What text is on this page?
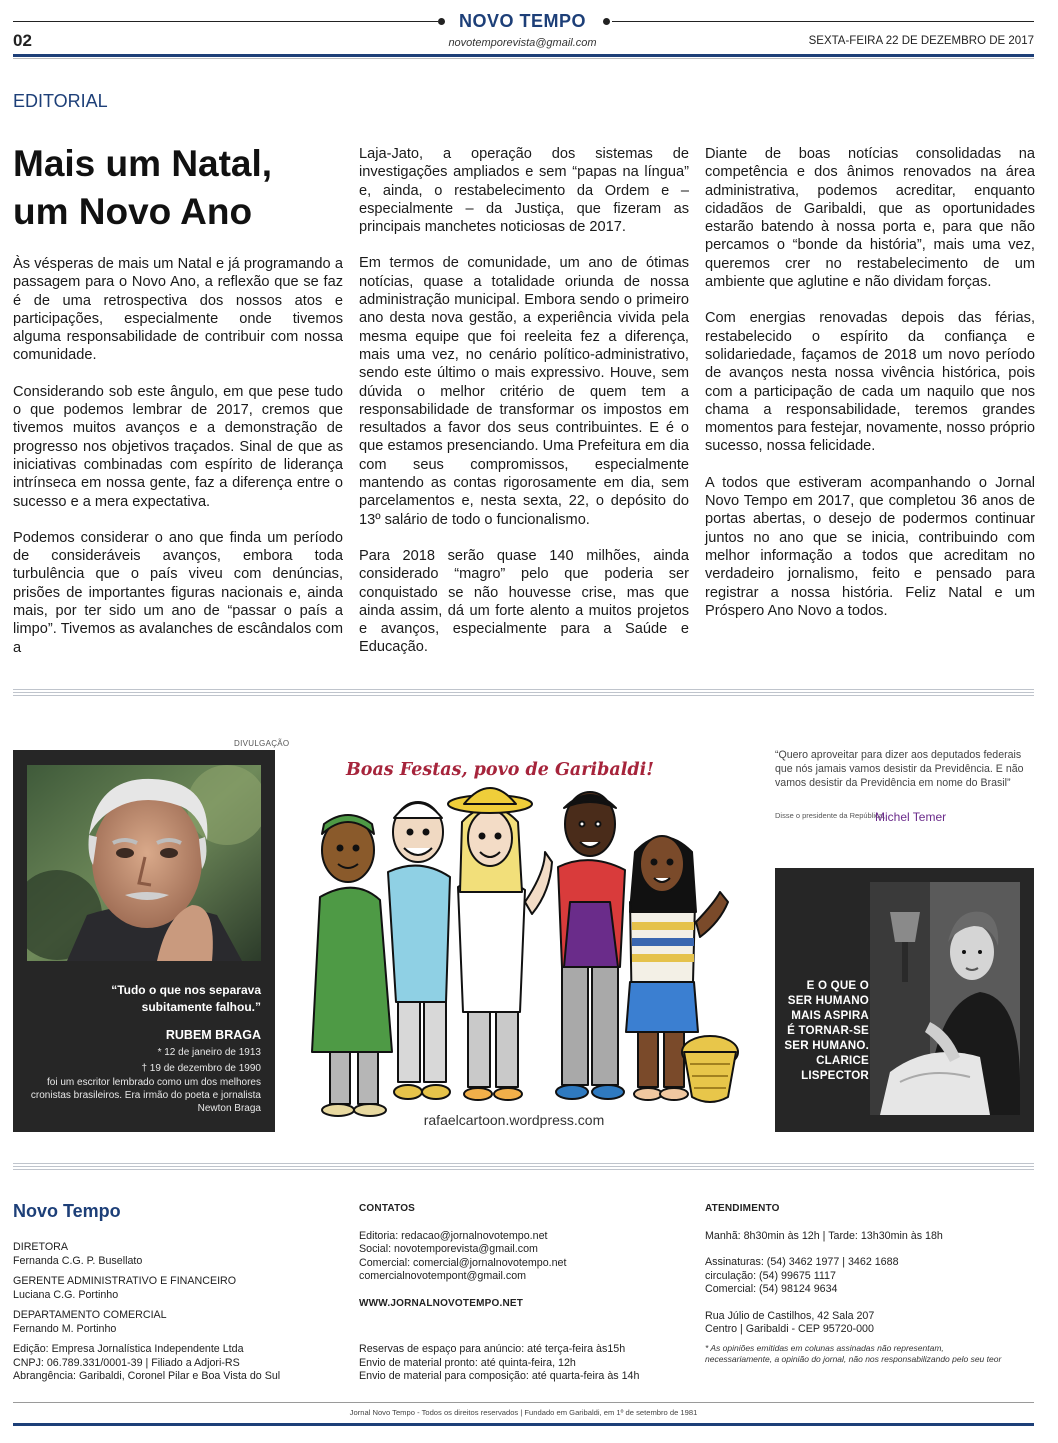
NOVO TEMPO
novotemporevista@gmail.com
02	SEXTA-FEIRA 22 DE DEZEMBRO DE 2017
EDITORIAL
Mais um Natal,
um Novo Ano

Às vésperas de mais um Natal e já programando a passagem para o Novo Ano, a reflexão que se faz é de uma retrospectiva dos nossos atos e participações, especialmente onde tivemos alguma responsabilidade de contribuir com nossa comunidade.

Considerando sob este ângulo, em que pese tudo o que podemos lembrar de 2017, cremos que tivemos muitos avanços e a demonstração de progresso nos objetivos traçados. Sinal de que as iniciativas combinadas com espírito de liderança intrínseca em nossa gente, faz a diferença entre o sucesso e a mera expectativa.

Podemos considerar o ano que finda um período de consideráveis avanços, embora toda turbulência que o país viveu com denúncias, prisões de importantes figuras nacionais e, ainda mais, por ter sido um ano de “passar o país a limpo”. Tivemos as avalanches de escândalos com a

Laja-Jato, a operação dos sistemas de investigações ampliados e sem “papas na língua” e, ainda, o restabelecimento da Ordem e – especialmente – da Justiça, que fizeram as principais manchetes noticiosas de 2017.

Em termos de comunidade, um ano de ótimas notícias, quase a totalidade oriunda de nossa administração municipal. Embora sendo o primeiro ano desta nova gestão, a experiência vivida pela mesma equipe que foi reeleita fez a diferença, mais uma vez, no cenário político-administrativo, sendo este último o mais expressivo. Houve, sem dúvida o melhor critério de quem tem a responsabilidade de transformar os impostos em resultados a favor dos seus contribuintes. E é o que estamos presenciando. Uma Prefeitura em dia com seus compromissos, especialmente mantendo as contas rigorosamente em dia, sem parcelamentos e, nesta sexta, 22, o depósito do 13º salário de todo o funcionalismo.

Para 2018 serão quase 140 milhões, ainda considerado “magro” pelo que poderia ser conquistado se não houvesse crise, mas que ainda assim, dá um forte alento a muitos projetos e avanços, especialmente para a Saúde e Educação.

Diante de boas notícias consolidadas na competência e dos ânimos renovados na área administrativa, podemos acreditar, enquanto cidadãos de Garibaldi, que as oportunidades estarão batendo à nossa porta e, para que não percamos o “bonde da história”, mais uma vez, queremos crer no restabelecimento de um ambiente que aglutine e não dividam forças.

Com energias renovadas depois das férias, restabelecido o espírito da confiança e solidariedade, façamos de 2018 um novo período de avanços nesta nossa vivência histórica, pois com a participação de cada um naquilo que nos chama a responsabilidade, teremos grandes momentos para festejar, novamente, nosso próprio sucesso, nossa felicidade.

A todos que estiveram acompanhando o Jornal Novo Tempo em 2017, que completou 36 anos de portas abertas, o desejo de podermos continuar juntos no ano que se inicia, contribuindo com melhor informação a todos que acreditam no verdadeiro jornalismo, feito e pensado para registrar a nossa história. Feliz Natal e um Próspero Ano Novo a todos.

DIVULGAÇÃO
“Tudo o que nos separava
subitamente falhou.”
RUBEM BRAGA
* 12 de janeiro de 1913
† 19 de dezembro de 1990
foi um escritor lembrado como um dos melhores
cronistas brasileiros. Era irmão do poeta e jornalista
Newton Braga
Boas Festas, povo de Garibaldi!
rafaelcartoon.wordpress.com
“Quero aproveitar para dizer aos deputados federais que nós jamais vamos desistir da Previdência. E não vamos desistir da Previdência em nome do Brasil”
Disse o presidente da República,
Michel Temer
E O QUE O
SER HUMANO
MAIS ASPIRA
É TORNAR-SE
SER HUMANO.
CLARICE
LISPECTOR
Novo Tempo
DIRETORA
Fernanda C.G. P. Busellato
GERENTE ADMINISTRATIVO E FINANCEIRO
Luciana C.G. Portinho
DEPARTAMENTO COMERCIAL
Fernando M. Portinho
Edição: Empresa Jornalística Independente Ltda
CNPJ: 06.789.331/0001-39 | Filiado a Adjori-RS
Abrangência: Garibaldi, Coronel Pilar e Boa Vista do Sul
CONTATOS
Editoria: redacao@jornalnovotempo.net
Social: novotemporevista@gmail.com
Comercial: comercial@jornalnovotempo.net
comercialnovotempont@gmail.com
WWW.JORNALNOVOTEMPO.NET
Reservas de espaço para anúncio: até terça-feira às15h
Envio de material pronto: até quinta-feira, 12h
Envio de material para composição: até quarta-feira às 14h
ATENDIMENTO
Manhã: 8h30min às 12h | Tarde: 13h30min às 18h
Assinaturas: (54) 3462 1977 | 3462 1688
circulação: (54) 99675 1117
Comercial: (54) 98124 9634
Rua Júlio de Castilhos, 42 Sala 207
Centro | Garibaldi - CEP 95720-000
* As opiniões emitidas em colunas assinadas não representam,
necessariamente, a opinião do jornal, não nos responsabilizando pelo seu teor
Jornal Novo Tempo - Todos os direitos reservados | Fundado em Garibaldi, em 1º de setembro de 1981
